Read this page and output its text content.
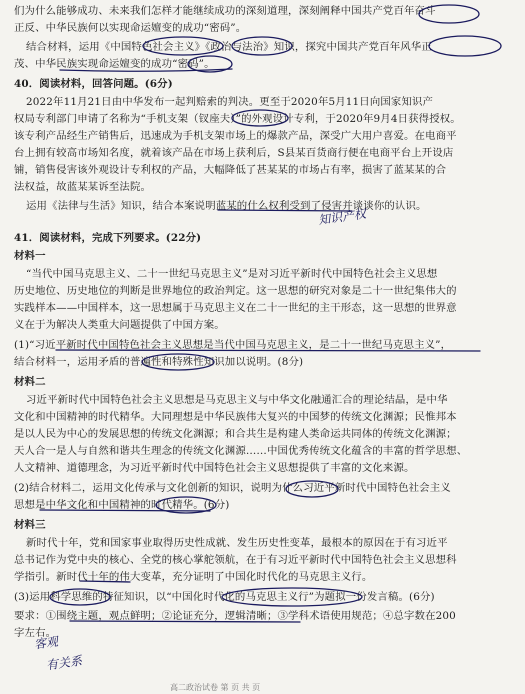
们为什么能够成功、未来我们怎样才能继续成功的深刻道理，深刻阐释中国共产党百年奋斗
正反、中华民族何以实现命运嬗变的成功“密码”。
结合材料，运用《中国特色社会主义》《政治与法治》知识，探究中国共产党百年风华正
茂、中华民族实现命运嬗变的成功“密码”。
40．阅读材料，回答问题。(6分)
2022年11月21日由中华发布一起判赔索的判决。更至于2020年5月11日向国家知识产
权局专利部门申请了名称为“手机支架（钗座夫）”的外观设计专利，于2020年9月4日获得授权。
该专利产品经生产销售后，迅速成为手机支架市场上的爆款产品，深受广大用户喜爱。在电商平
台上拥有较高市场知名度，就着该产品在市场上获利后，S县某百货商行便在电商平台上开设店
铺，销售侵害该外观设计专利权的产品，大幅降低了甚某某的市场占有率，损害了蓝某某的合
法权益，故蓝某某诉至法院。
运用《法律与生活》知识，结合本案说明蓝某的什么权利受到了侵害并谈谈你的认识。
41．阅读材料，完成下列要求。(22分)
材料一
“当代中国马克思主义、二十一世纪马克思主义”是对习近平新时代中国特色社会主义思想
历史地位、历史地位的判断是世界地位的政治判定。这一思想的研究对象是二十一世纪集伟大的
实践样本——中国样本，这一思想属于马克思主义在二十一世纪的主干形态，这一思想的世界意
义在于为解决人类重大问题提供了中国方案。
(1)“习近平新时代中国特色社会主义思想是当代中国马克思主义，是二十一世纪马克思主义”，
结合材料一，运用矛盾的普遍性和特殊性知识加以说明。(8分)
材料二
习近平新时代中国特色社会主义思想是马克思主义与中华文化融通汇合的理论结晶，是中华
文化和中国精神的时代精华。大同理想是中华民族伟大复兴的中国梦的传统文化渊源；民惟邦本
是以人民为中心的发展思想的传统文化渊源；和合共生是构建人类命运共同体的传统文化渊源；
天人合一是人与自然和谐共生理念的传统文化渊源……中国优秀传统文化蕴含的丰富的哲学思想、
人文精神、道德理念，为习近平新时代中国特色社会主义思想提供了丰富的文化来源。
(2)结合材料二，运用文化传承与文化创新的知识，说明为什么习近平新时代中国特色社会主义
思想是中华文化和中国精神的时代精华。(6分)
材料三
新时代十年，党和国家事业取得历史性成就、发生历史性变革，最根本的原因在于有习近平
总书记作为党中央的核心、全党的核心掌舵领航，在于有习近平新时代中国特色社会主义思想科
学指引。新时代十年的伟大变革，充分证明了中国化时代化的马克思主义行。
(3)运用科学思维的特征知识，以“中国化时代化的马克思主义行”为题拟一份发言稿。(6分)
要求：①围绕主题，观点鲜明；②论证充分，逻辑清晰；③学科术语使用规范；④总字数在200
字左右。
知识产权
客观
有关系
高二政治试卷 第 页 共 页
